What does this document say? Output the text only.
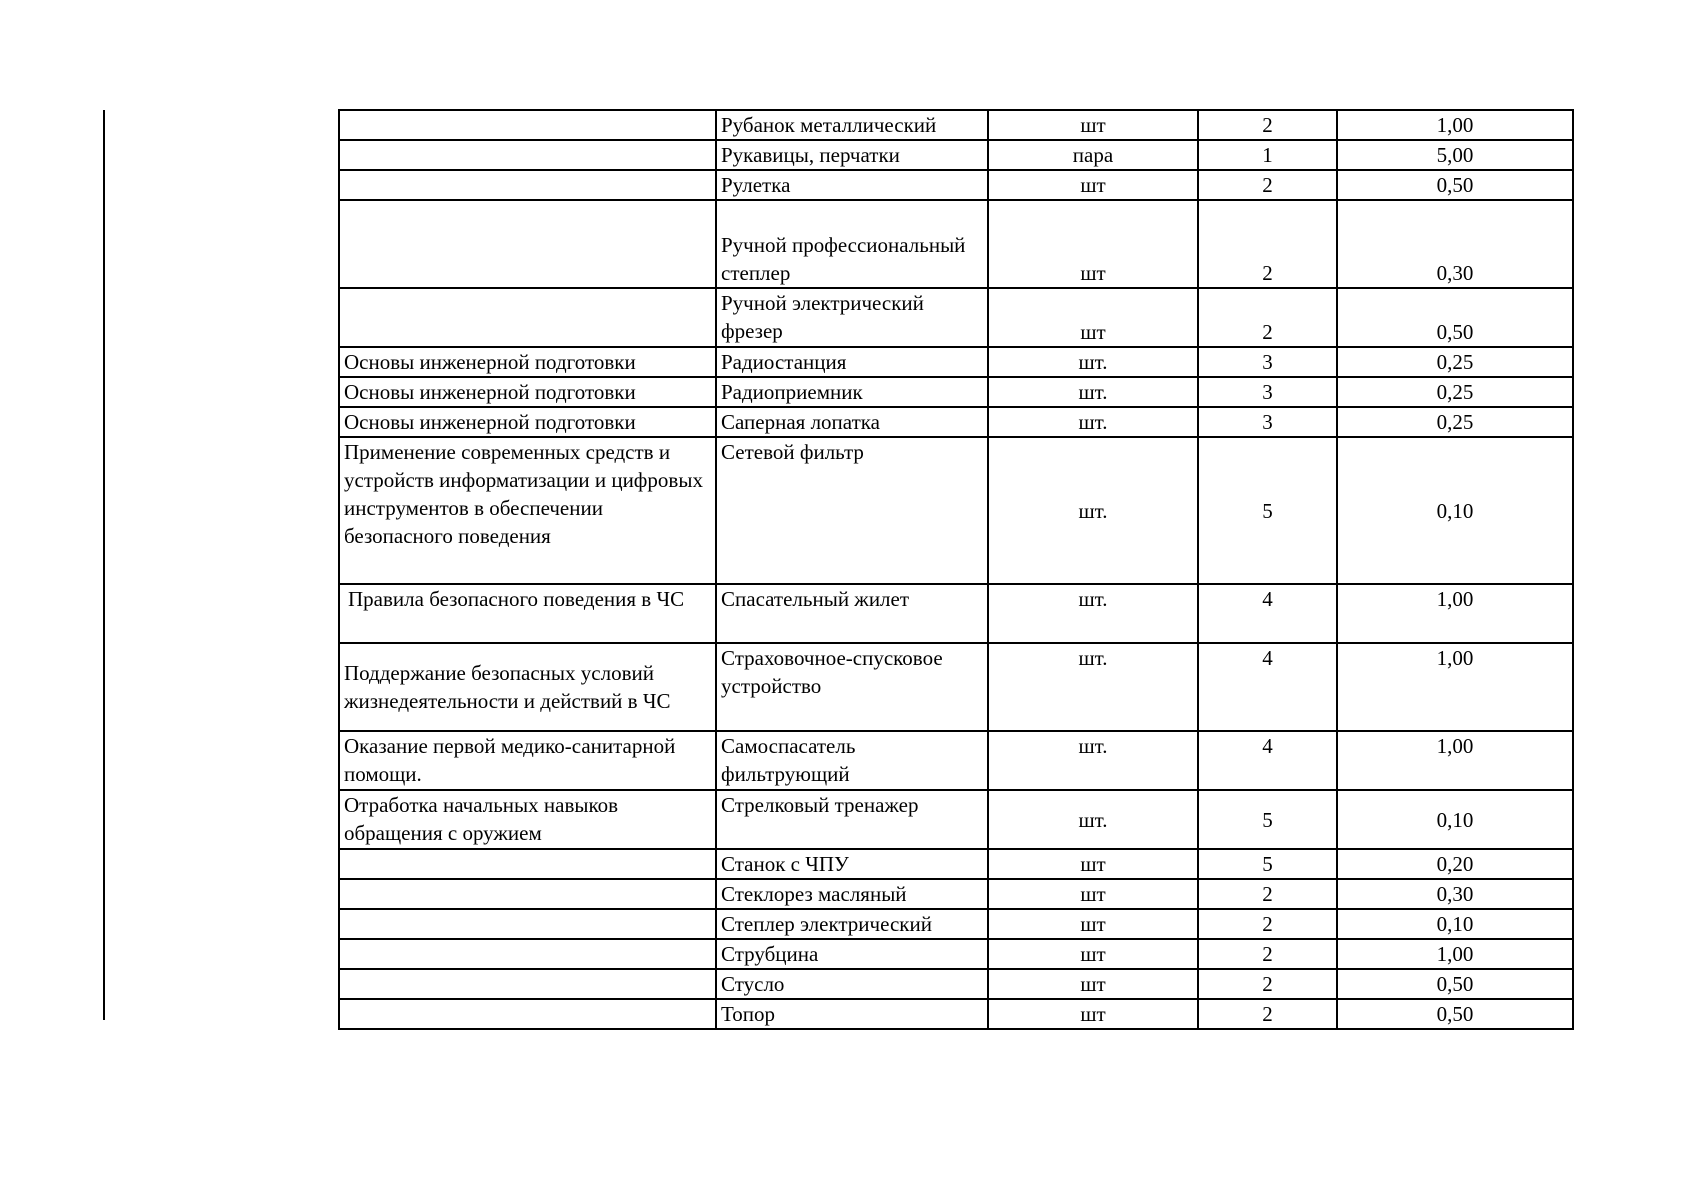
	Рубанок металлический	шт	2	1,00
	Рукавицы, перчатки	пара	1	5,00
	Рулетка	шт	2	0,50
	Ручной профессиональный степлер	шт	2	0,30
	Ручной электрический фрезер	шт	2	0,50
Основы инженерной подготовки	Радиостанция	шт.	3	0,25
Основы инженерной подготовки	Радиоприемник	шт.	3	0,25
Основы инженерной подготовки	Саперная лопатка	шт.	3	0,25
Применение современных средств и устройств информатизации и цифровых инструментов в обеспечении безопасного поведения	Сетевой фильтр	шт.	5	0,10
Правила безопасного поведения в ЧС	Спасательный жилет	шт.	4	1,00
Поддержание безопасных условий жизнедеятельности и действий в ЧС	Страховочное-спусковое устройство	шт.	4	1,00
Оказание первой медико-санитарной помощи.	Самоспасатель фильтрующий	шт.	4	1,00
Отработка начальных навыков обращения с оружием	Стрелковый тренажер	шт.	5	0,10
	Станок с ЧПУ	шт	5	0,20
	Стеклорез масляный	шт	2	0,30
	Степлер электрический	шт	2	0,10
	Струбцина	шт	2	1,00
	Стусло	шт	2	0,50
	Топор	шт	2	0,50
